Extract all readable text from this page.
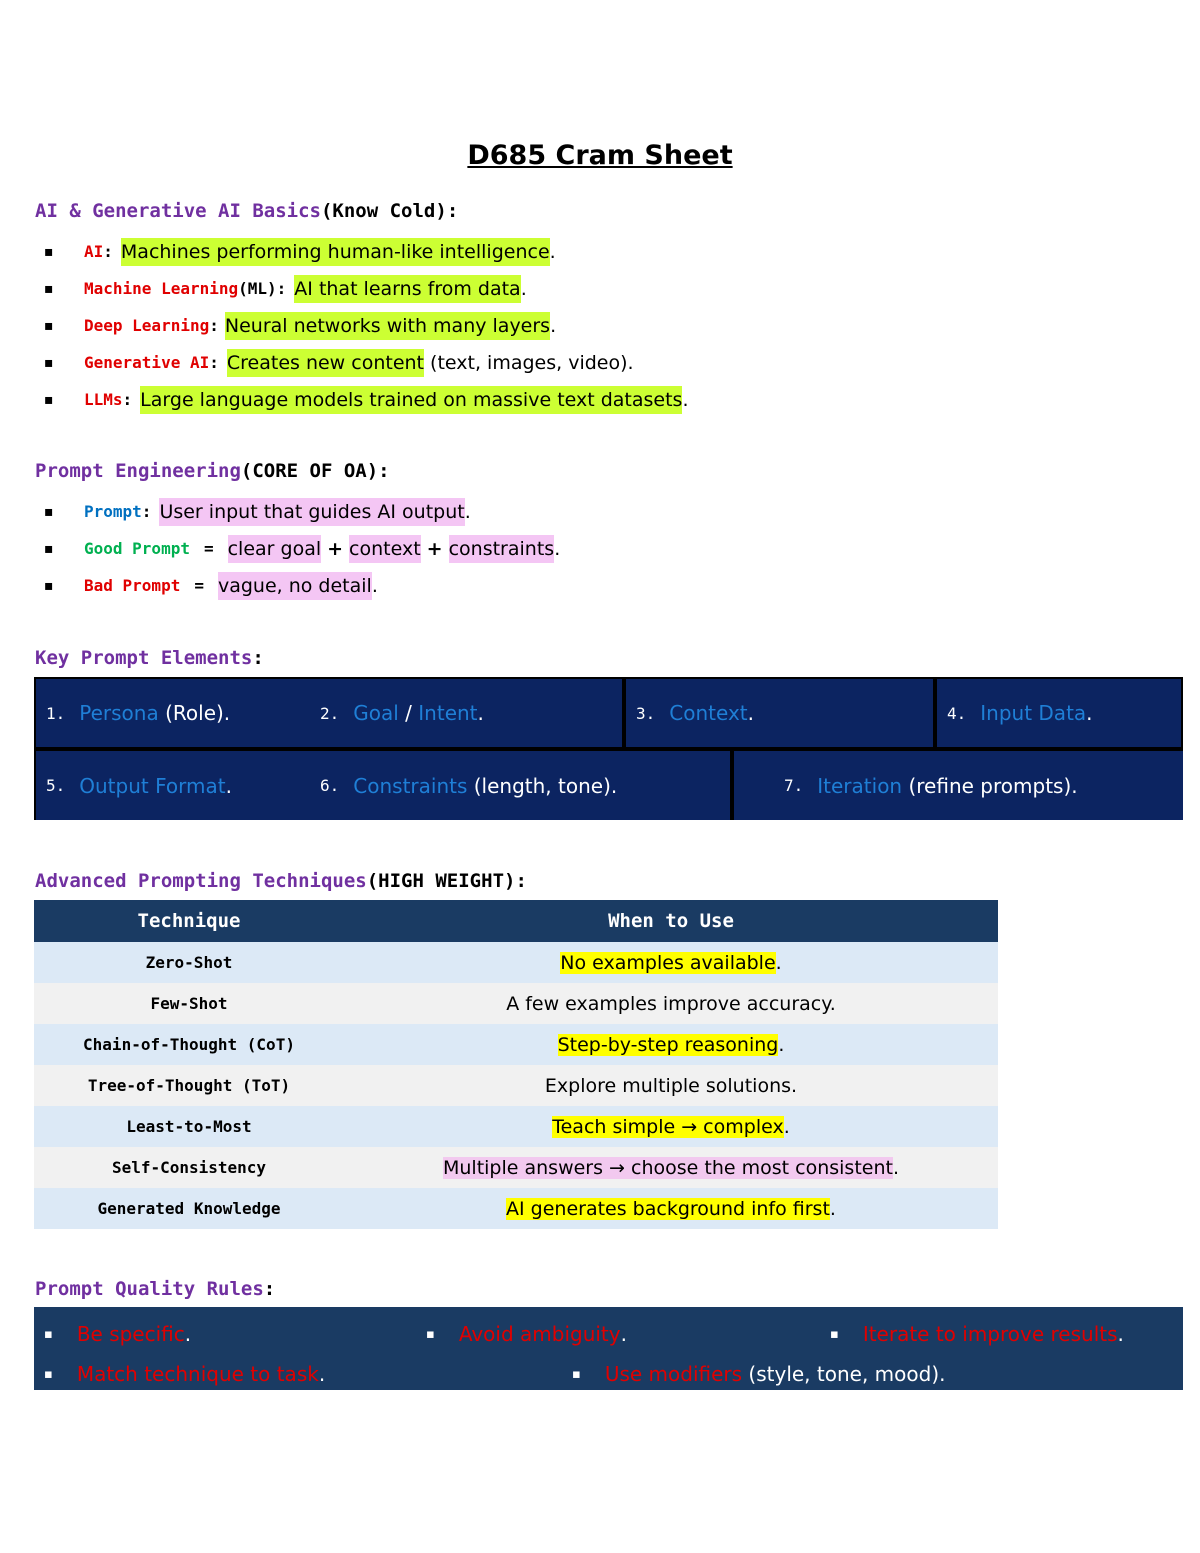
D685 Cram Sheet
AI & Generative AI Basics(Know Cold):
▪	AI : Machines performing human-like intelligence .
▪	Machine Learning (ML): AI that learns from data .
▪	Deep Learning : Neural networks with many layers .
▪	Generative AI : Creates new content
(text, images, video).
▪	LLMs : Large language models trained on massive text datasets .
Prompt Engineering(CORE OF OA):
▪	Prompt : User input that guides AI output .
▪	Good Prompt = clear goal + context + constraints .
▪	Bad Prompt = vague, no detail .
Key Prompt Elements:
1. Persona
(Role).	2. Goal
/
Intent .	3. Context .	4. Input Data .
5. Output Format .	6. Constraints
(length, tone).	7. Iteration
(refine prompts).
Advanced Prompting Techniques(HIGH WEIGHT):
Technique	When to Use
Zero-Shot	No examples available.
Few-Shot	A few examples improve accuracy.
Chain-of-Thought (CoT)	Step-by-step reasoning.
Tree-of-Thought (ToT)	Explore multiple solutions.
Least-to-Most	Teach simple → complex.
Self-Consistency	Multiple answers → choose the most consistent.
Generated Knowledge	AI generates background info first.
Prompt Quality Rules:
▪ Be specific .	▪ Avoid ambiguity .	▪ Iterate to improve results .
▪ Match technique to task .	▪ Use modifiers
(style, tone, mood).
